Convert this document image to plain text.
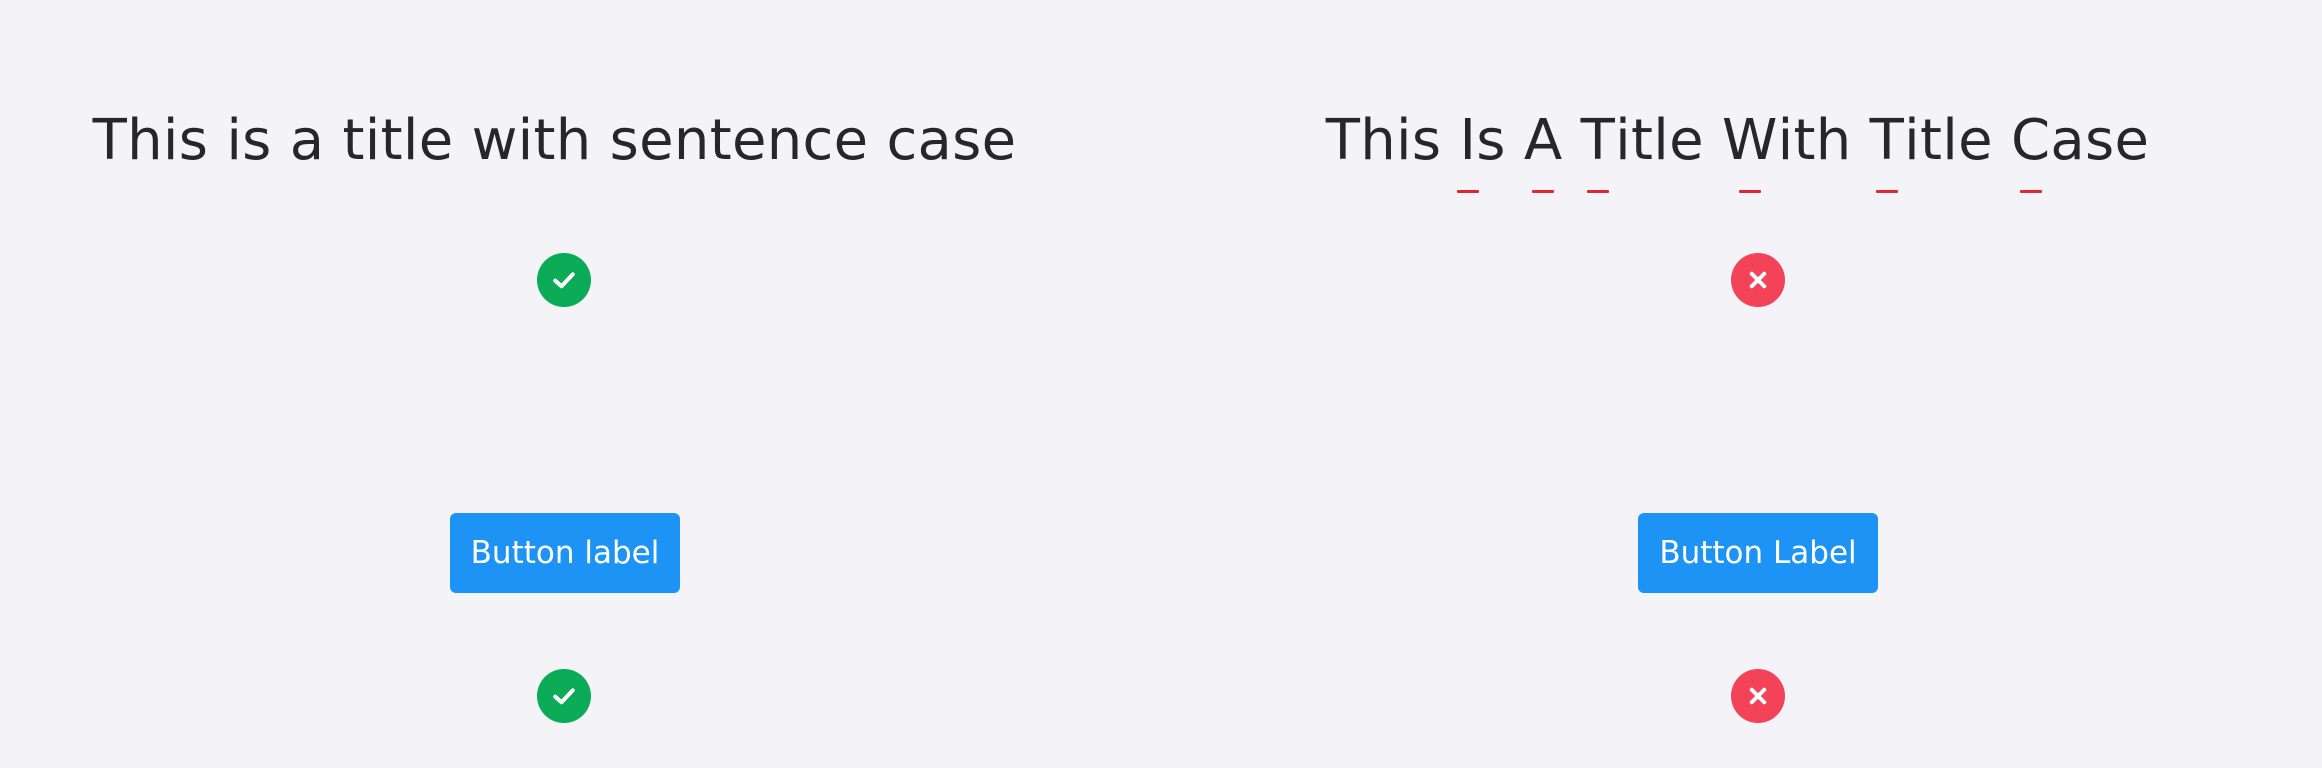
This is a title with sentence case
Button label
This I
s A T
itle W
ith T
itle C
ase
Button Label
